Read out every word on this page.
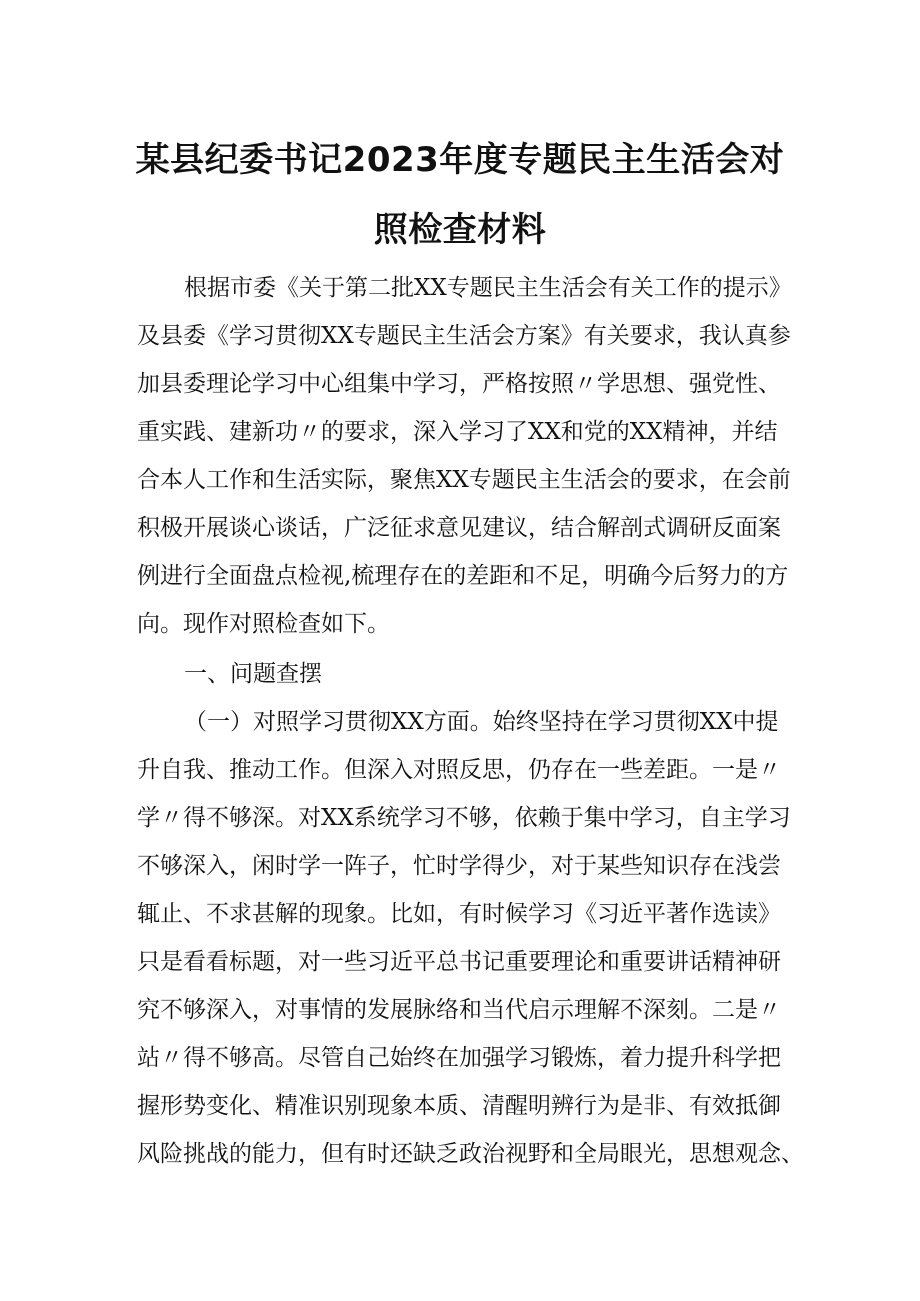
某县纪委书记2023年度专题民主生活会对
照检查材料

根据市委《关于第二批XX专题民主生活会有关工作的提示》

及县委《学习贯彻XX专题民主生活会方案》有关要求，我认真参

加县委理论学习中心组集中学习，严格按照〃学思想、强党性、

重实践、建新功〃的要求，深入学习了XX和党的XX精神，并结

合本人工作和生活实际，聚焦XX专题民主生活会的要求，在会前

积极开展谈心谈话，广泛征求意见建议，结合解剖式调研反面案

例进行全面盘点检视,梳理存在的差距和不足，明确今后努力的方

向。现作对照检查如下。

一、问题查摆

（一）对照学习贯彻XX方面。始终坚持在学习贯彻XX中提

升自我、推动工作。但深入对照反思，仍存在一些差距。一是〃

学〃得不够深。对XX系统学习不够，依赖于集中学习，自主学习

不够深入，闲时学一阵子，忙时学得少，对于某些知识存在浅尝

辄止、不求甚解的现象。比如，有时候学习《习近平著作选读》

只是看看标题，对一些习近平总书记重要理论和重要讲话精神研

究不够深入，对事情的发展脉络和当代启示理解不深刻。二是〃

站〃得不够高。尽管自己始终在加强学习锻炼，着力提升科学把

握形势变化、精准识别现象本质、清醒明辨行为是非、有效抵御

风险挑战的能力，但有时还缺乏政治视野和全局眼光，思想观念、
